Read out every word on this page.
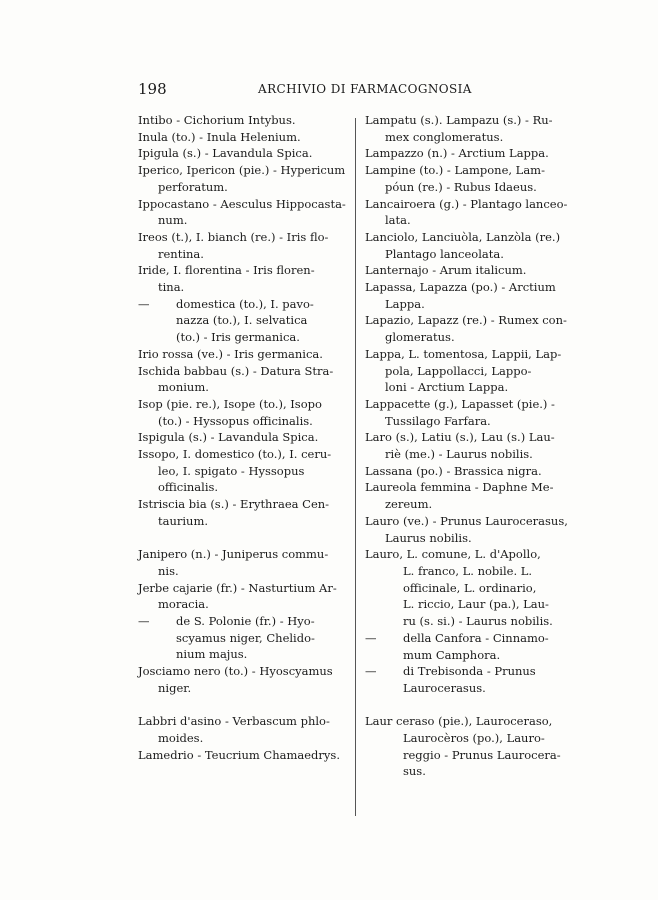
198	ARCHIVIO DI FARMACOGNOSIA
Intibo - Cichorium Intybus.
Inula (to.) - Inula Helenium.
Ipigula (s.) - Lavandula Spica.
Iperico, Ipericon (pie.) - Hypericum
perforatum.
Ippocastano - Aesculus Hippocasta-
num.
Ireos (t.), I. bianch (re.) - Iris flo-
rentina.
Iride, I. florentina - Iris floren-
tina.
— domestica (to.), I. pavo-
nazza (to.), I. selvatica
(to.) - Iris germanica.
Irio rossa (ve.) - Iris germanica.
Ischida babbau (s.) - Datura Stra-
monium.
Isop (pie. re.), Isope (to.), Isopo
(to.) - Hyssopus officinalis.
Ispigula (s.) - Lavandula Spica.
Issopo, I. domestico (to.), I. ceru-
leo, I. spigato - Hyssopus
officinalis.
Istriscia bia (s.) - Erythraea Cen-
taurium.
Janipero (n.) - Juniperus commu-
nis.
Jerbe cajarie (fr.) - Nasturtium Ar-
moracia.
— de S. Polonie (fr.) - Hyo-
scyamus niger, Chelido-
nium majus.
Josciamo nero (to.) - Hyoscyamus
niger.
Labbri d'asino - Verbascum phlo-
moides.
Lamedrio - Teucrium Chamaedrys.
Lampatu (s.). Lampazu (s.) - Ru-
mex conglomeratus.
Lampazzo (n.) - Arctium Lappa.
Lampine (to.) - Lampone, Lam-
póun (re.) - Rubus Idaeus.
Lancairoera (g.) - Plantago lanceo-
lata.
Lanciolo, Lanciuòla, Lanzòla (re.)
Plantago lanceolata.
Lanternajo - Arum italicum.
Lapassa, Lapazza (po.) - Arctium
Lappa.
Lapazio, Lapazz (re.) - Rumex con-
glomeratus.
Lappa, L. tomentosa, Lappii, Lap-
pola, Lappollacci, Lappo-
loni - Arctium Lappa.
Lappacette (g.), Lapasset (pie.) -
Tussilago Farfara.
Laro (s.), Latiu (s.), Lau (s.) Lau-
riè (me.) - Laurus nobilis.
Lassana (po.) - Brassica nigra.
Laureola femmina - Daphne Me-
zereum.
Lauro (ve.) - Prunus Laurocerasus,
Laurus nobilis.
Lauro, L. comune, L. d'Apollo,
L. franco, L. nobile. L.
officinale, L. ordinario,
L. riccio, Laur (pa.), Lau-
ru (s. si.) - Laurus nobilis.
— della Canfora - Cinnamo-
mum Camphora.
— di Trebisonda - Prunus
Laurocerasus.
Laur ceraso (pie.), Lauroceraso,
Laurocèros (po.), Lauro-
reggio - Prunus Laurocera-
sus.
